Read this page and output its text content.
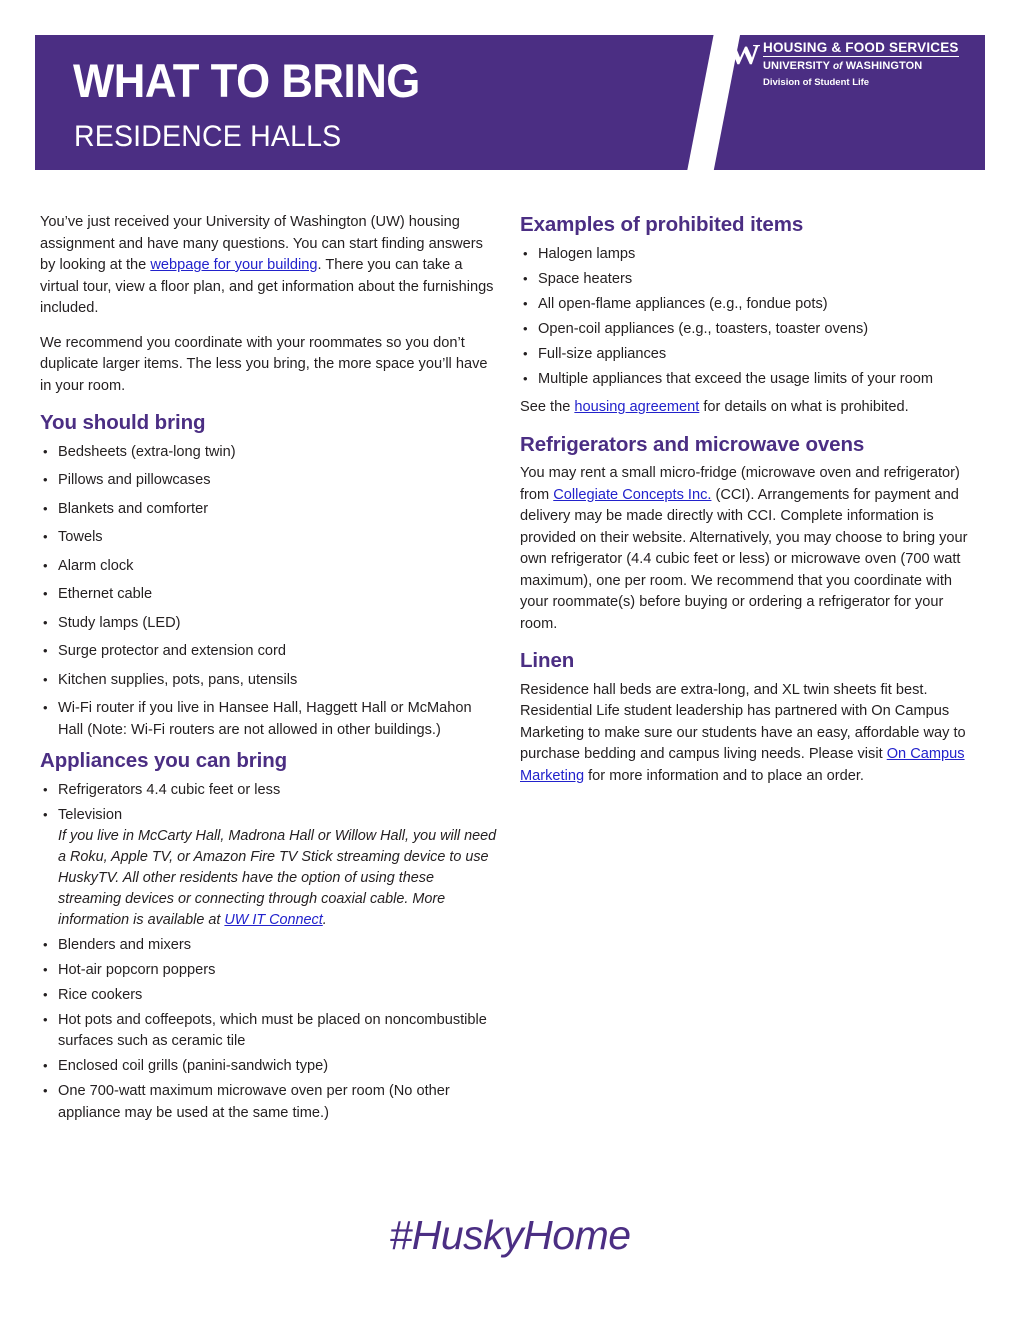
WHAT TO BRING
RESIDENCE HALLS
W HOUSING & FOOD SERVICES
UNIVERSITY of WASHINGTON
Division of Student Life

You’ve just received your University of Washington (UW) housing assignment and have many questions. You can start finding answers by looking at the webpage for your building. There you can take a virtual tour, view a floor plan, and get information about the furnishings included.

We recommend you coordinate with your roommates so you don’t duplicate larger items. The less you bring, the more space you’ll have in your room.

You should bring
• Bedsheets (extra-long twin)
• Pillows and pillowcases
• Blankets and comforter
• Towels
• Alarm clock
• Ethernet cable
• Study lamps (LED)
• Surge protector and extension cord
• Kitchen supplies, pots, pans, utensils
• Wi-Fi router if you live in Hansee Hall, Haggett Hall or McMahon Hall (Note: Wi-Fi routers are not allowed in other buildings.)
Appliances you can bring
• Refrigerators 4.4 cubic feet or less
• Television
If you live in McCarty Hall, Madrona Hall or Willow Hall, you will need a Roku, Apple TV, or Amazon Fire TV Stick streaming device to use HuskyTV. All other residents have the option of using these streaming devices or connecting through coaxial cable. More information is available at UW IT Connect.
• Blenders and mixers
• Hot-air popcorn poppers
• Rice cookers
• Hot pots and coffeepots, which must be placed on noncombustible surfaces such as ceramic tile
• Enclosed coil grills (panini-sandwich type)
• One 700-watt maximum microwave oven per room (No other appliance may be used at the same time.)
Examples of prohibited items
• Halogen lamps
• Space heaters
• All open-flame appliances (e.g., fondue pots)
• Open-coil appliances (e.g., toasters, toaster ovens)
• Full-size appliances
• Multiple appliances that exceed the usage limits of your room

See the housing agreement for details on what is prohibited.

Refrigerators and microwave ovens

You may rent a small micro-fridge (microwave oven and refrigerator) from Collegiate Concepts Inc. (CCI). Arrangements for payment and delivery may be made directly with CCI. Complete information is provided on their website. Alternatively, you may choose to bring your own refrigerator (4.4 cubic feet or less) or microwave oven (700 watt maximum), one per room. We recommend that you coordinate with your roommate(s) before buying or ordering a refrigerator for your room.

Linen

Residence hall beds are extra-long, and XL twin sheets fit best. Residential Life student leadership has partnered with On Campus Marketing to make sure our students have an easy, affordable way to purchase bedding and campus living needs. Please visit On Campus Marketing for more information and to place an order.

#HuskyHome
